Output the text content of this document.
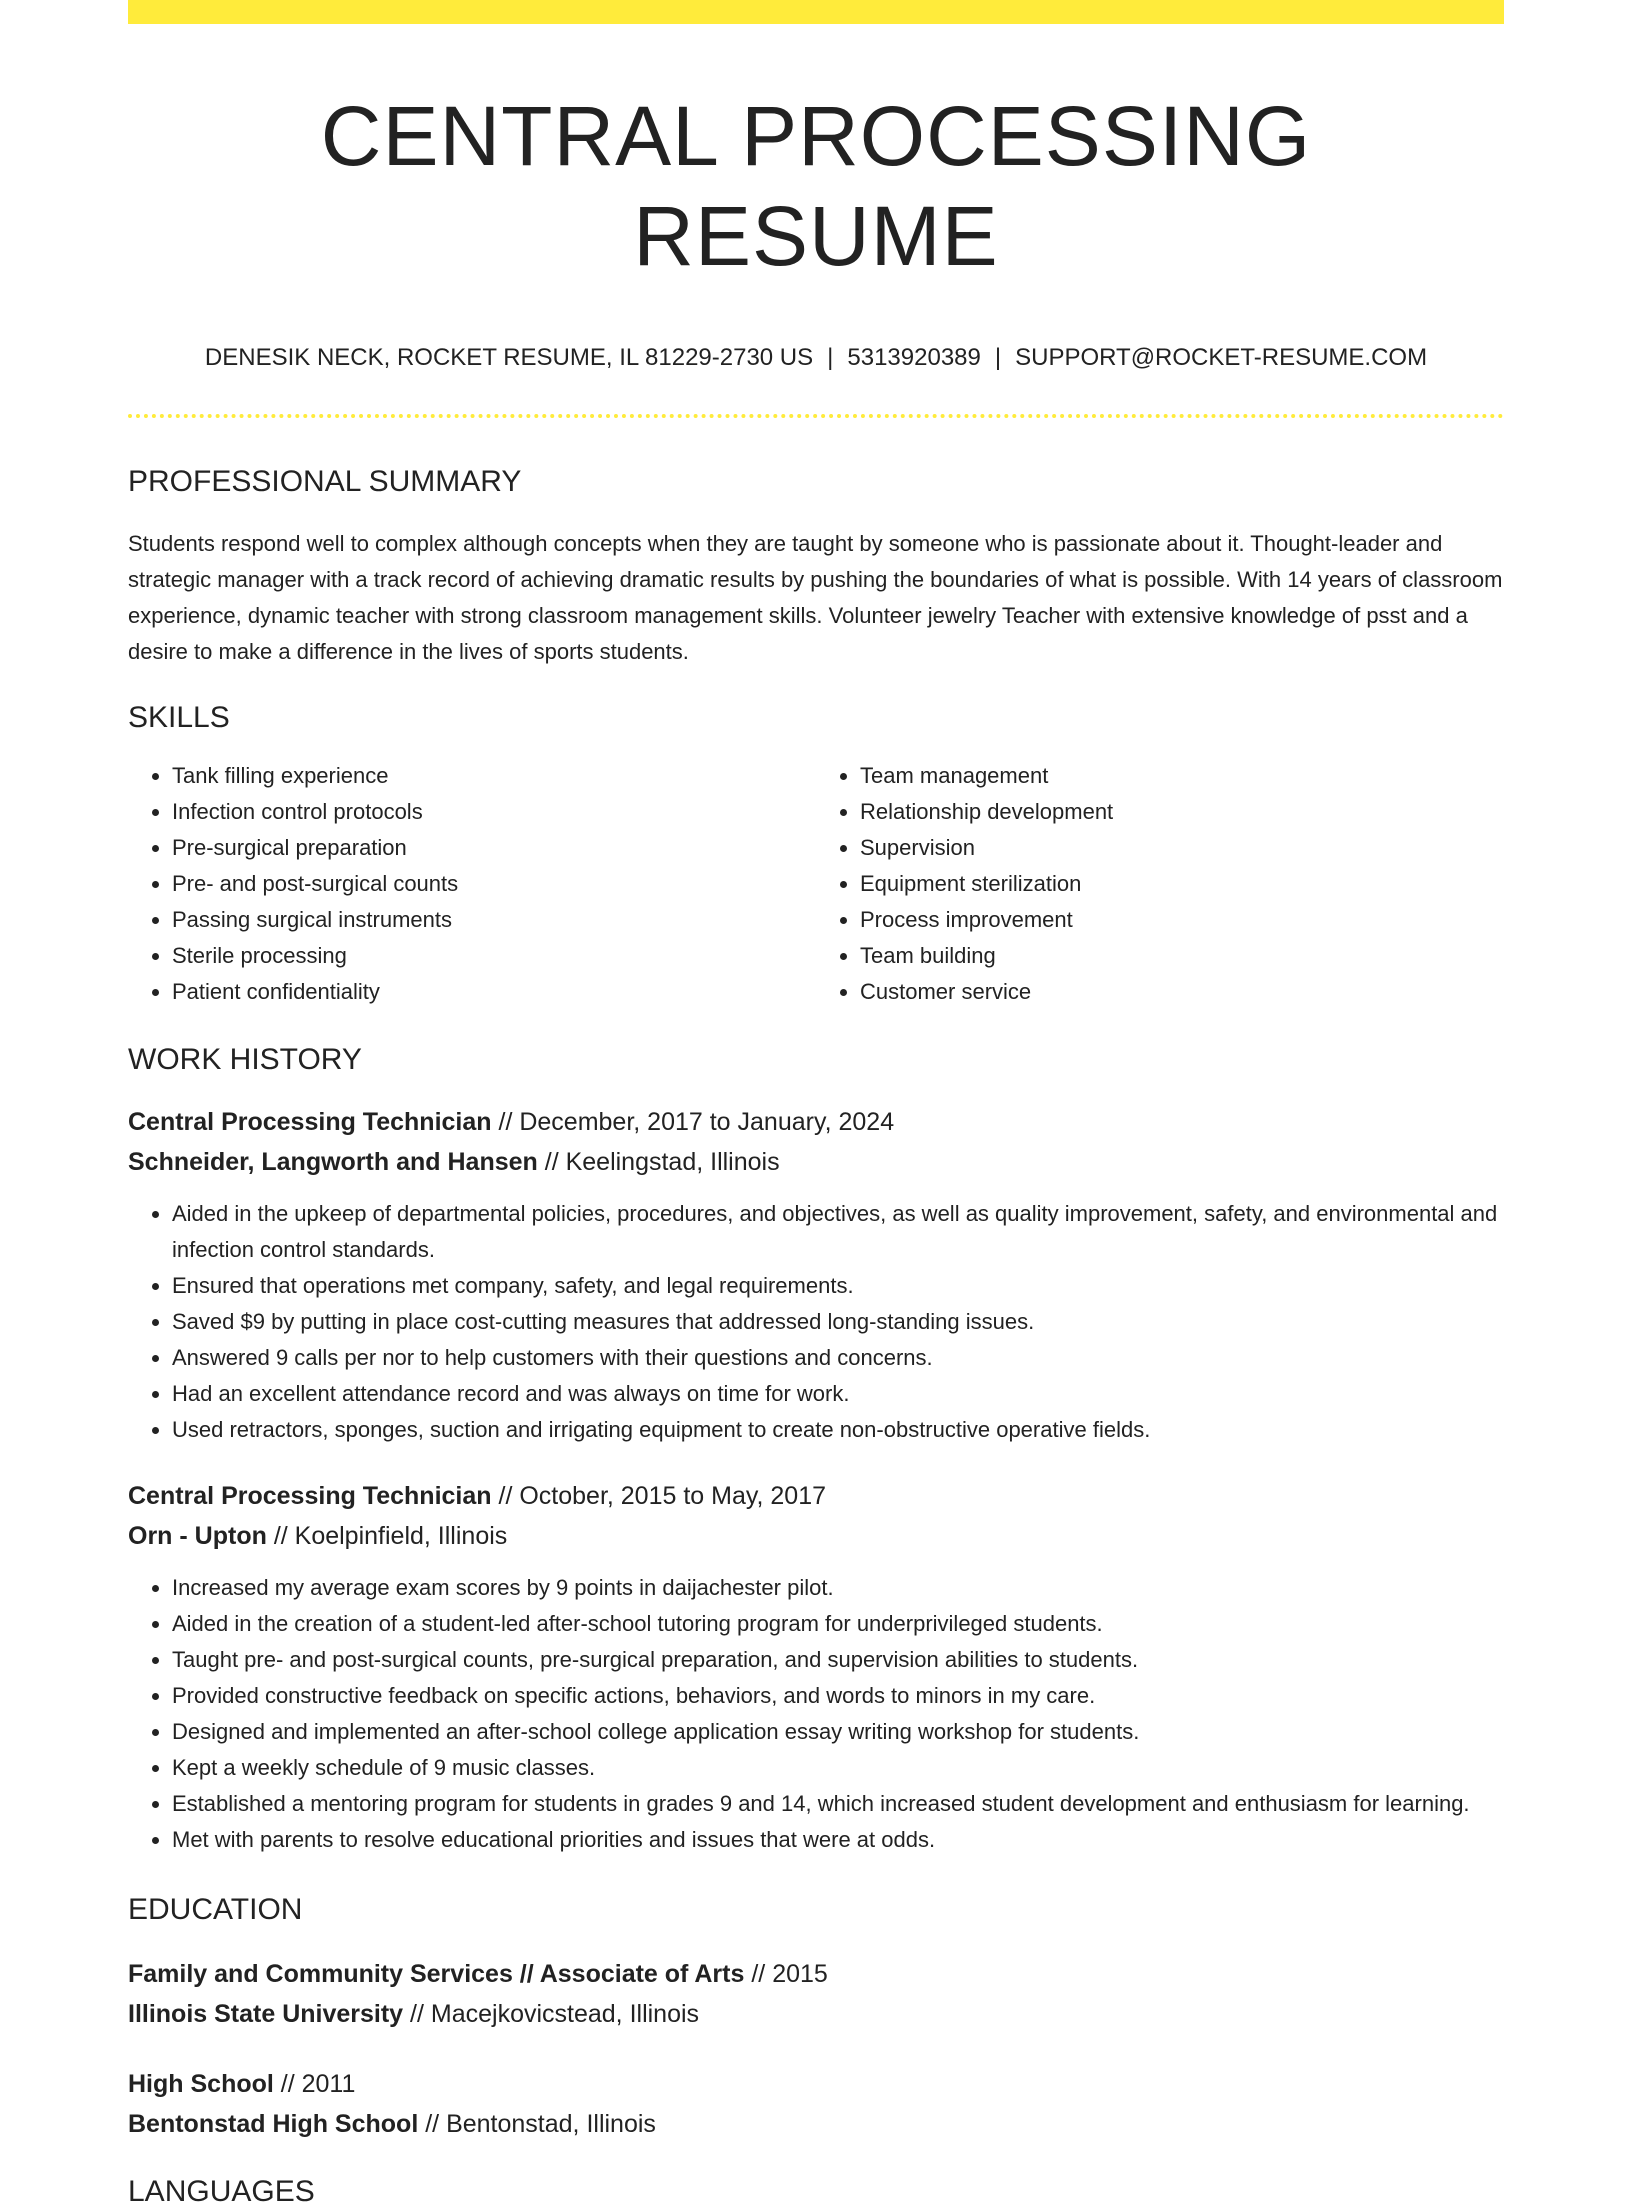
CENTRAL PROCESSING RESUME
DENESIK NECK, ROCKET RESUME, IL 81229-2730 US | 5313920389 | SUPPORT@ROCKET-RESUME.COM
PROFESSIONAL SUMMARY
Students respond well to complex although concepts when they are taught by someone who is passionate about it. Thought-leader and strategic manager with a track record of achieving dramatic results by pushing the boundaries of what is possible. With 14 years of classroom experience, dynamic teacher with strong classroom management skills. Volunteer jewelry Teacher with extensive knowledge of psst and a desire to make a difference in the lives of sports students.
SKILLS
• Tank filling experience
• Infection control protocols
• Pre-surgical preparation
• Pre- and post-surgical counts
• Passing surgical instruments
• Sterile processing
• Patient confidentiality
• Team management
• Relationship development
• Supervision
• Equipment sterilization
• Process improvement
• Team building
• Customer service
WORK HISTORY
Central Processing Technician // December, 2017 to January, 2024
Schneider, Langworth and Hansen // Keelingstad, Illinois
• Aided in the upkeep of departmental policies, procedures, and objectives, as well as quality improvement, safety, and environmental and infection control standards.
• Ensured that operations met company, safety, and legal requirements.
• Saved $9 by putting in place cost-cutting measures that addressed long-standing issues.
• Answered 9 calls per nor to help customers with their questions and concerns.
• Had an excellent attendance record and was always on time for work.
• Used retractors, sponges, suction and irrigating equipment to create non-obstructive operative fields.
Central Processing Technician // October, 2015 to May, 2017
Orn - Upton // Koelpinfield, Illinois
• Increased my average exam scores by 9 points in daijachester pilot.
• Aided in the creation of a student-led after-school tutoring program for underprivileged students.
• Taught pre- and post-surgical counts, pre-surgical preparation, and supervision abilities to students.
• Provided constructive feedback on specific actions, behaviors, and words to minors in my care.
• Designed and implemented an after-school college application essay writing workshop for students.
• Kept a weekly schedule of 9 music classes.
• Established a mentoring program for students in grades 9 and 14, which increased student development and enthusiasm for learning.
• Met with parents to resolve educational priorities and issues that were at odds.
EDUCATION
Family and Community Services // Associate of Arts // 2015
Illinois State University // Macejkovicstead, Illinois
High School // 2011
Bentonstad High School // Bentonstad, Illinois
LANGUAGES
